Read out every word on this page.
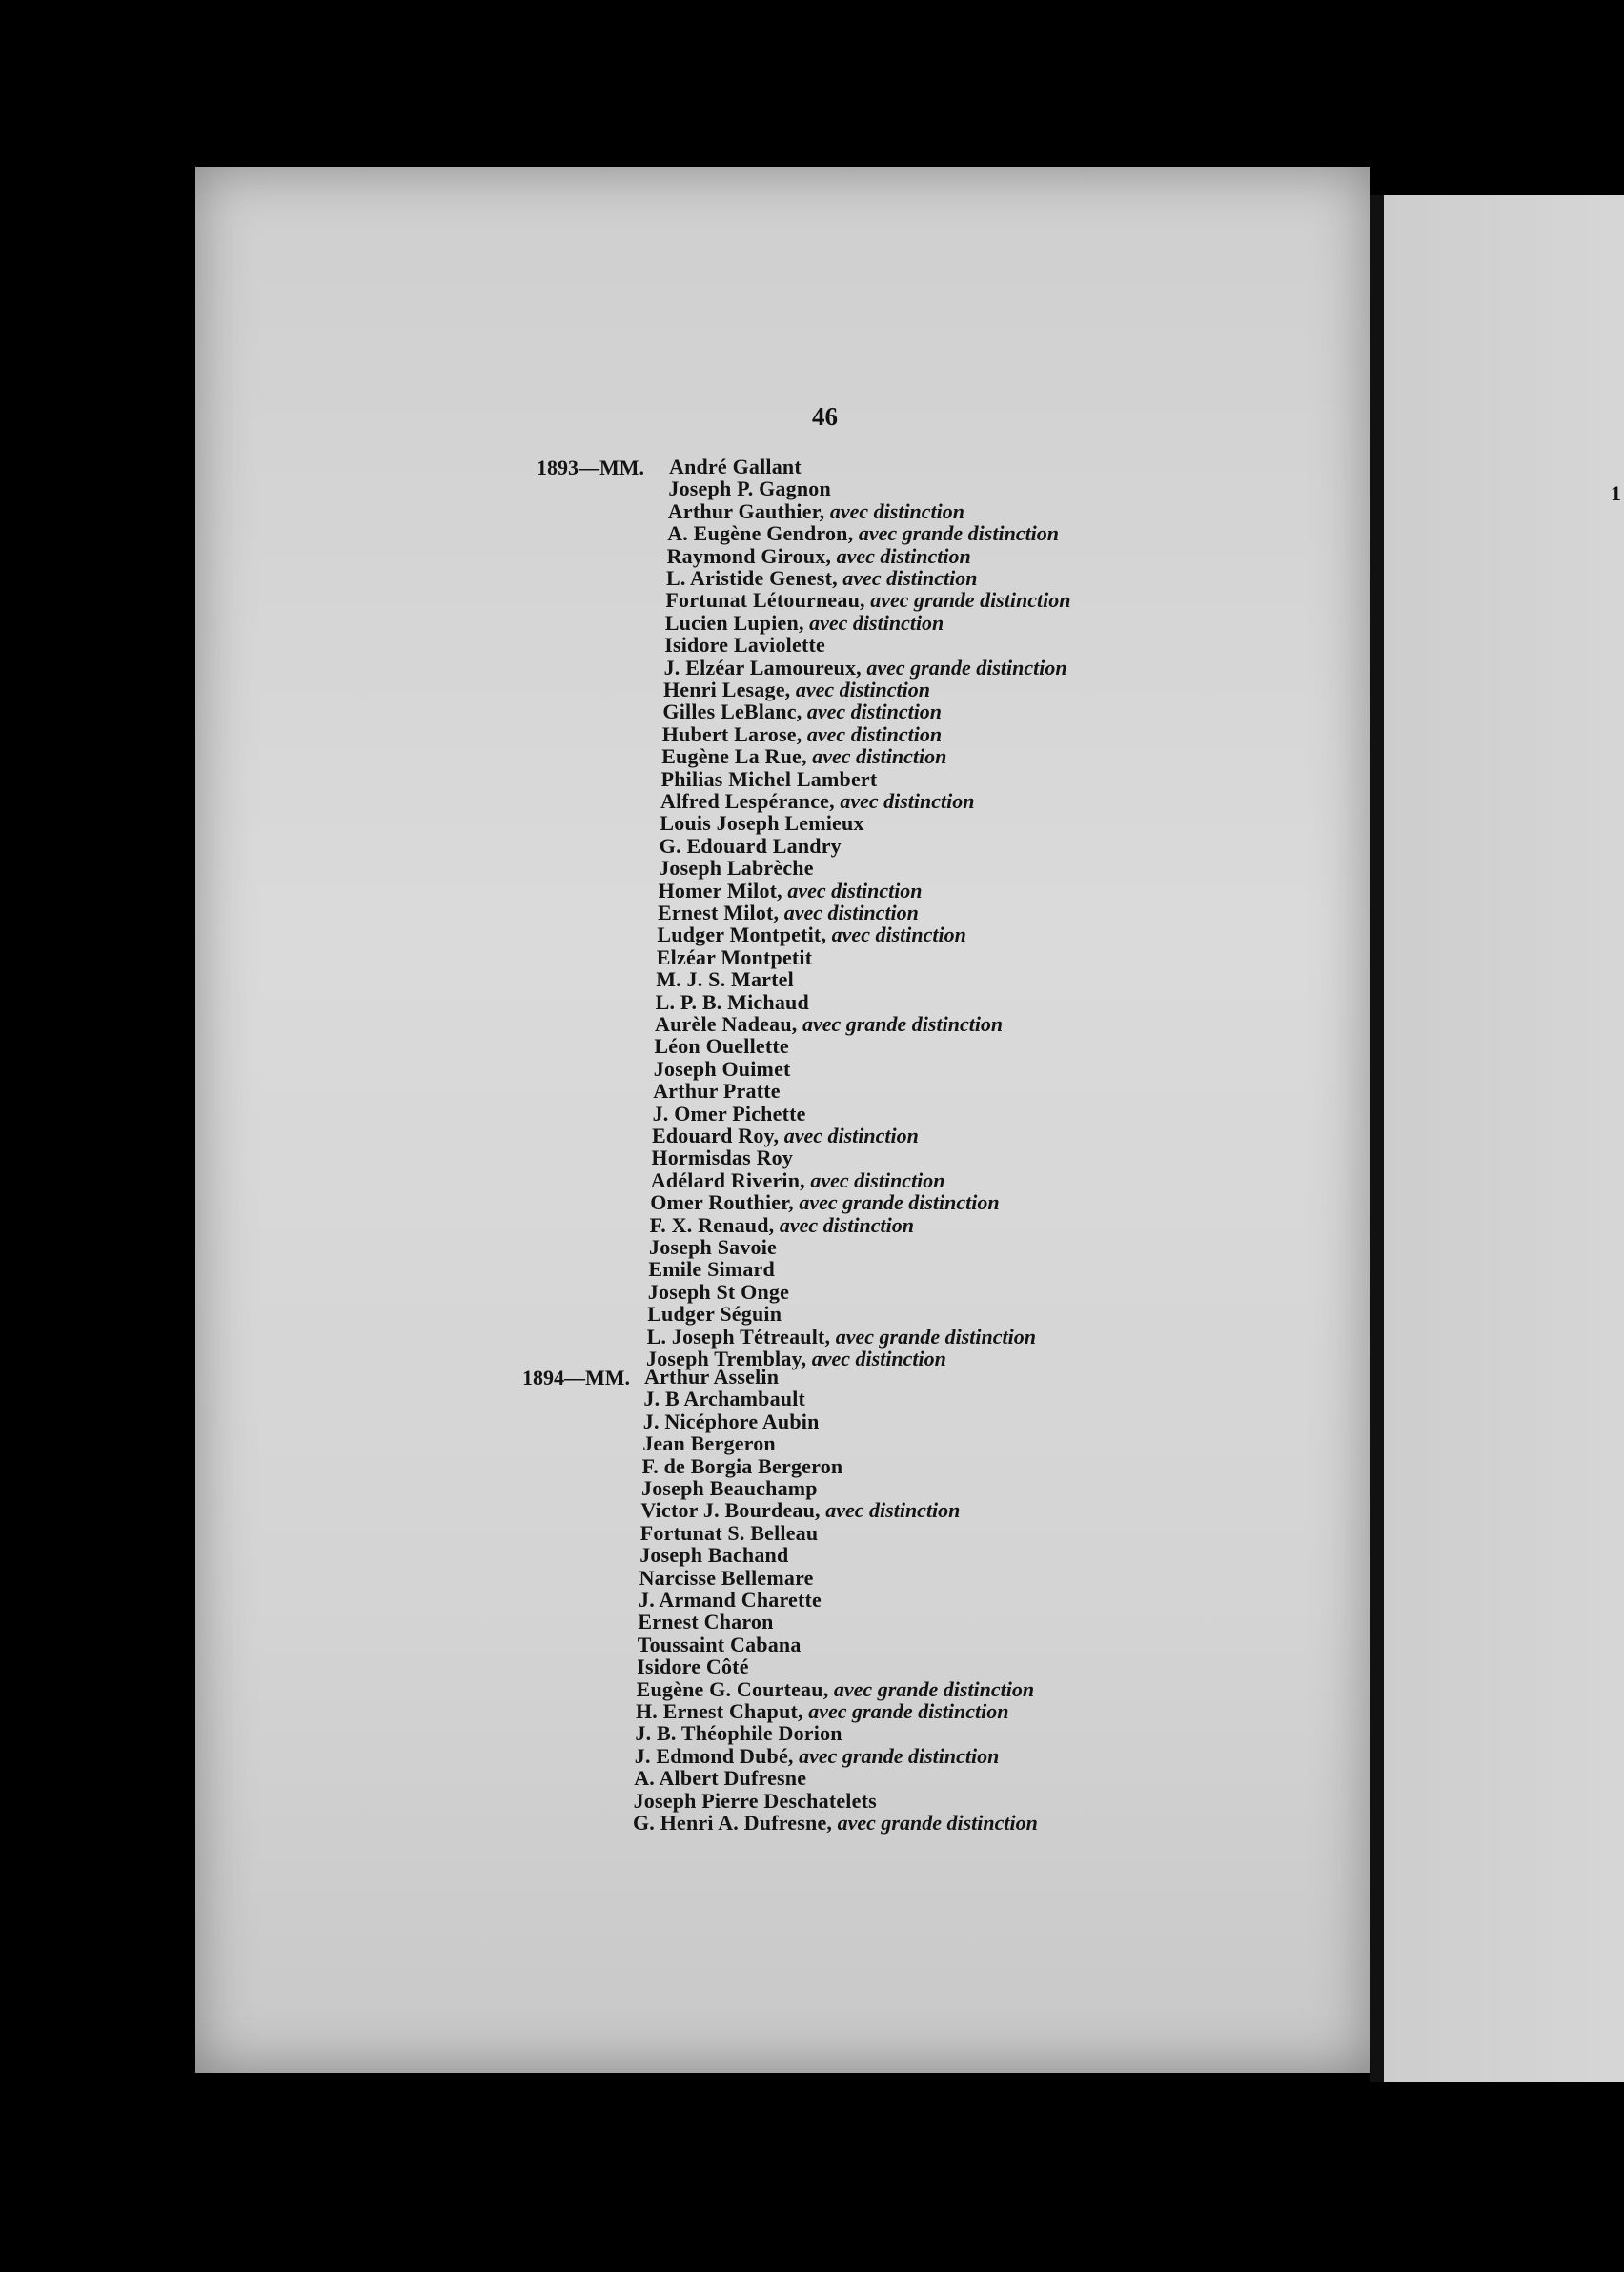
1
46
1893—MM. André Gallant
Joseph P. Gagnon
Arthur Gauthier, avec distinction
A. Eugène Gendron, avec grande distinction
Raymond Giroux, avec distinction
L. Aristide Genest, avec distinction
Fortunat Létourneau, avec grande distinction
Lucien Lupien, avec distinction
Isidore Laviolette
J. Elzéar Lamoureux, avec grande distinction
Henri Lesage, avec distinction
Gilles LeBlanc, avec distinction
Hubert Larose, avec distinction
Eugène La Rue, avec distinction
Philias Michel Lambert
Alfred Lespérance, avec distinction
Louis Joseph Lemieux
G. Edouard Landry
Joseph Labrèche
Homer Milot, avec distinction
Ernest Milot, avec distinction
Ludger Montpetit, avec distinction
Elzéar Montpetit
M. J. S. Martel
L. P. B. Michaud
Aurèle Nadeau, avec grande distinction
Léon Ouellette
Joseph Ouimet
Arthur Pratte
J. Omer Pichette
Edouard Roy, avec distinction
Hormisdas Roy
Adélard Riverin, avec distinction
Omer Routhier, avec grande distinction
F. X. Renaud, avec distinction
Joseph Savoie
Emile Simard
Joseph St Onge
Ludger Séguin
L. Joseph Tétreault, avec grande distinction
Joseph Tremblay, avec distinction
1894—MM. Arthur Asselin
J. B Archambault
J. Nicéphore Aubin
Jean Bergeron
F. de Borgia Bergeron
Joseph Beauchamp
Victor J. Bourdeau, avec distinction
Fortunat S. Belleau
Joseph Bachand
Narcisse Bellemare
J. Armand Charette
Ernest Charon
Toussaint Cabana
Isidore Côté
Eugène G. Courteau, avec grande distinction
H. Ernest Chaput, avec grande distinction
J. B. Théophile Dorion
J. Edmond Dubé, avec grande distinction
A. Albert Dufresne
Joseph Pierre Deschatelets
G. Henri A. Dufresne, avec grande distinction
